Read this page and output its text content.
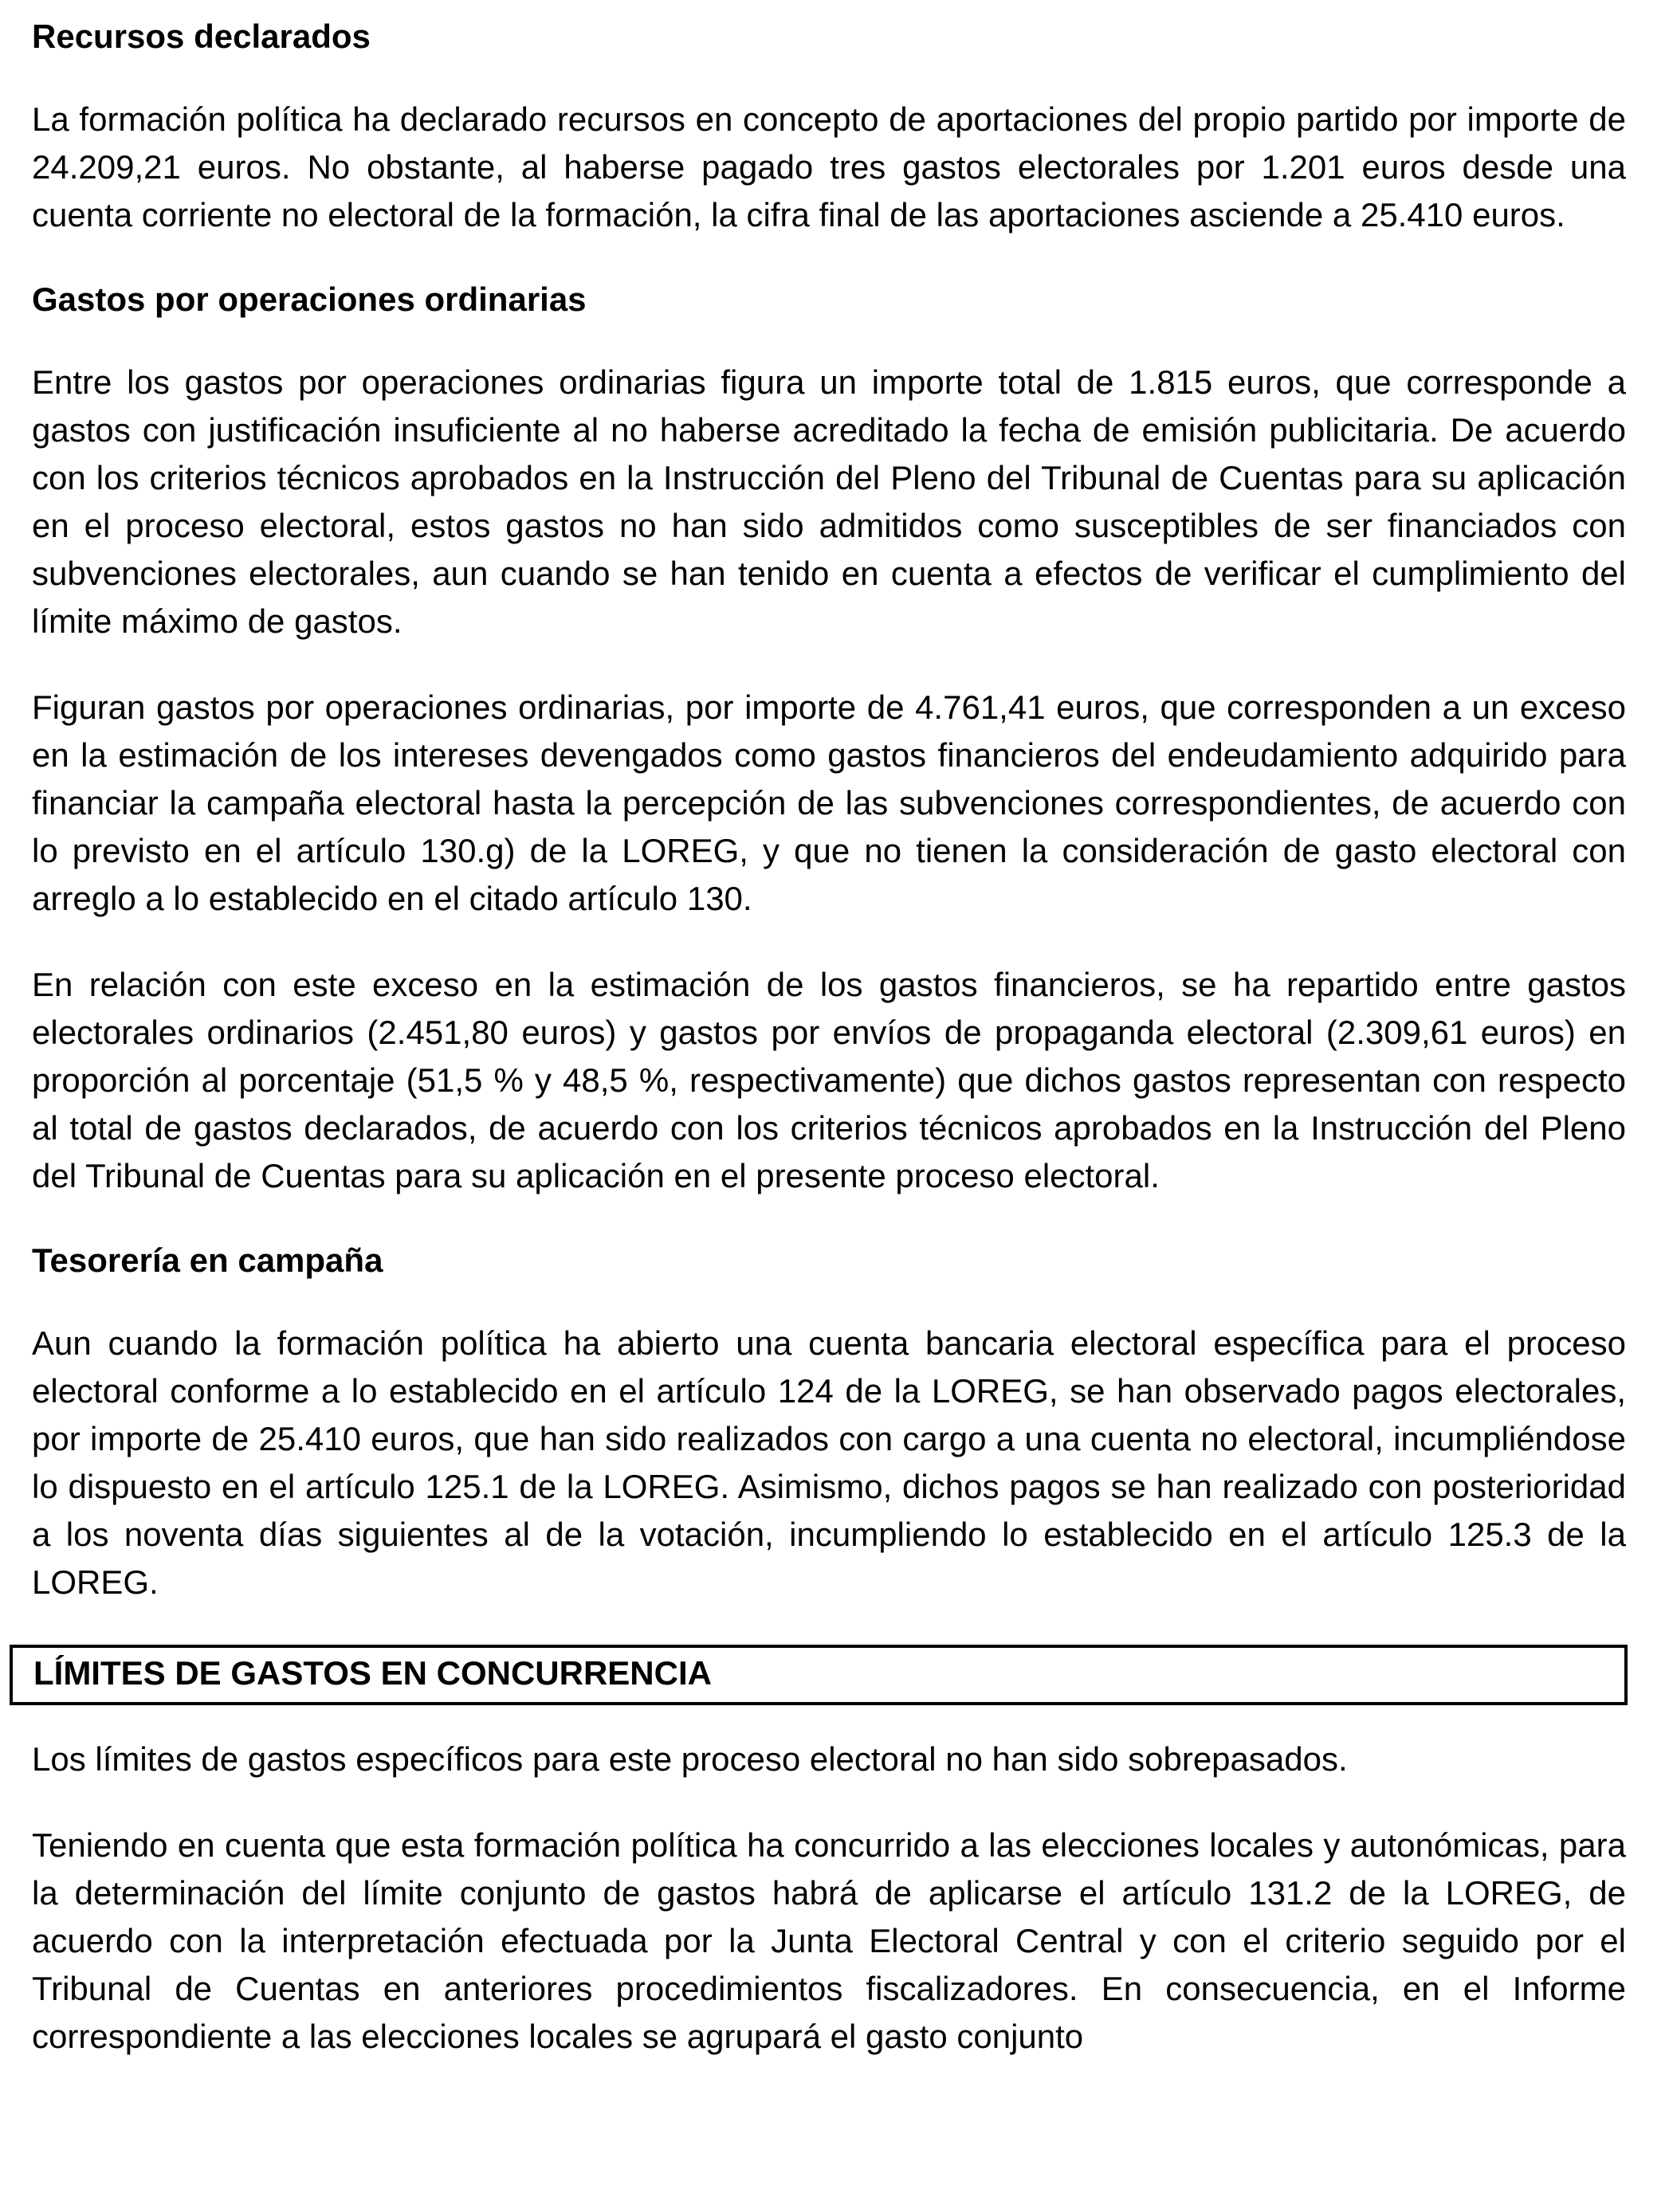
Recursos declarados

La formación política ha declarado recursos en concepto de aportaciones del propio partido por importe de 24.209,21 euros. No obstante, al haberse pagado tres gastos electorales por 1.201 euros desde una cuenta corriente no electoral de la formación, la cifra final de las aportaciones asciende a 25.410 euros.

Gastos por operaciones ordinarias

Entre los gastos por operaciones ordinarias figura un importe total de 1.815 euros, que corresponde a gastos con justificación insuficiente al no haberse acreditado la fecha de emisión publicitaria. De acuerdo con los criterios técnicos aprobados en la Instrucción del Pleno del Tribunal de Cuentas para su aplicación en el proceso electoral, estos gastos no han sido admitidos como susceptibles de ser financiados con subvenciones electorales, aun cuando se han tenido en cuenta a efectos de verificar el cumplimiento del límite máximo de gastos.

Figuran gastos por operaciones ordinarias, por importe de 4.761,41 euros, que corresponden a un exceso en la estimación de los intereses devengados como gastos financieros del endeudamiento adquirido para financiar la campaña electoral hasta la percepción de las subvenciones correspondientes, de acuerdo con lo previsto en el artículo 130.g) de la LOREG, y que no tienen la consideración de gasto electoral con arreglo a lo establecido en el citado artículo 130.

En relación con este exceso en la estimación de los gastos financieros, se ha repartido entre gastos electorales ordinarios (2.451,80 euros) y gastos por envíos de propaganda electoral (2.309,61 euros) en proporción al porcentaje (51,5 % y 48,5 %, respectivamente) que dichos gastos representan con respecto al total de gastos declarados, de acuerdo con los criterios técnicos aprobados en la Instrucción del Pleno del Tribunal de Cuentas para su aplicación en el presente proceso electoral.

Tesorería en campaña

Aun cuando la formación política ha abierto una cuenta bancaria electoral específica para el proceso electoral conforme a lo establecido en el artículo 124 de la LOREG, se han observado pagos electorales, por importe de 25.410 euros, que han sido realizados con cargo a una cuenta no electoral, incumpliéndose lo dispuesto en el artículo 125.1 de la LOREG. Asimismo, dichos pagos se han realizado con posterioridad a los noventa días siguientes al de la votación, incumpliendo lo establecido en el artículo 125.3 de la LOREG.

LÍMITES DE GASTOS EN CONCURRENCIA

Los límites de gastos específicos para este proceso electoral no han sido sobrepasados.

Teniendo en cuenta que esta formación política ha concurrido a las elecciones locales y autonómicas, para la determinación del límite conjunto de gastos habrá de aplicarse el artículo 131.2 de la LOREG, de acuerdo con la interpretación efectuada por la Junta Electoral Central y con el criterio seguido por el Tribunal de Cuentas en anteriores procedimientos fiscalizadores. En consecuencia, en el Informe correspondiente a las elecciones locales se agrupará el gasto conjunto
